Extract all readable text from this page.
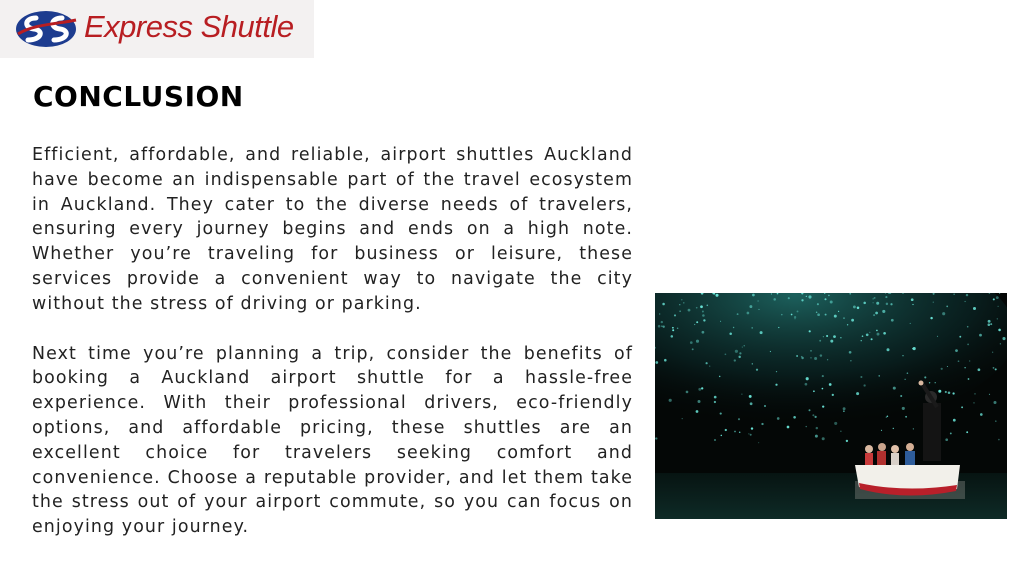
Express Shuttle
CONCLUSION

Efficient, affordable, and reliable, airport shuttles Auckland have become an indispensable part of the travel ecosystem in Auckland. They cater to the diverse needs of travelers, ensuring every journey begins and ends on a high note. Whether you’re traveling for business or leisure, these services provide a convenient way to navigate the city without the stress of driving or parking.

Next time you’re planning a trip, consider the benefits of booking a Auckland airport shuttle for a hassle-free experience. With their professional drivers, eco-friendly options, and affordable pricing, these shuttles are an excellent choice for travelers seeking comfort and convenience. Choose a reputable provider, and let them take the stress out of your airport commute, so you can focus on enjoying your journey.
